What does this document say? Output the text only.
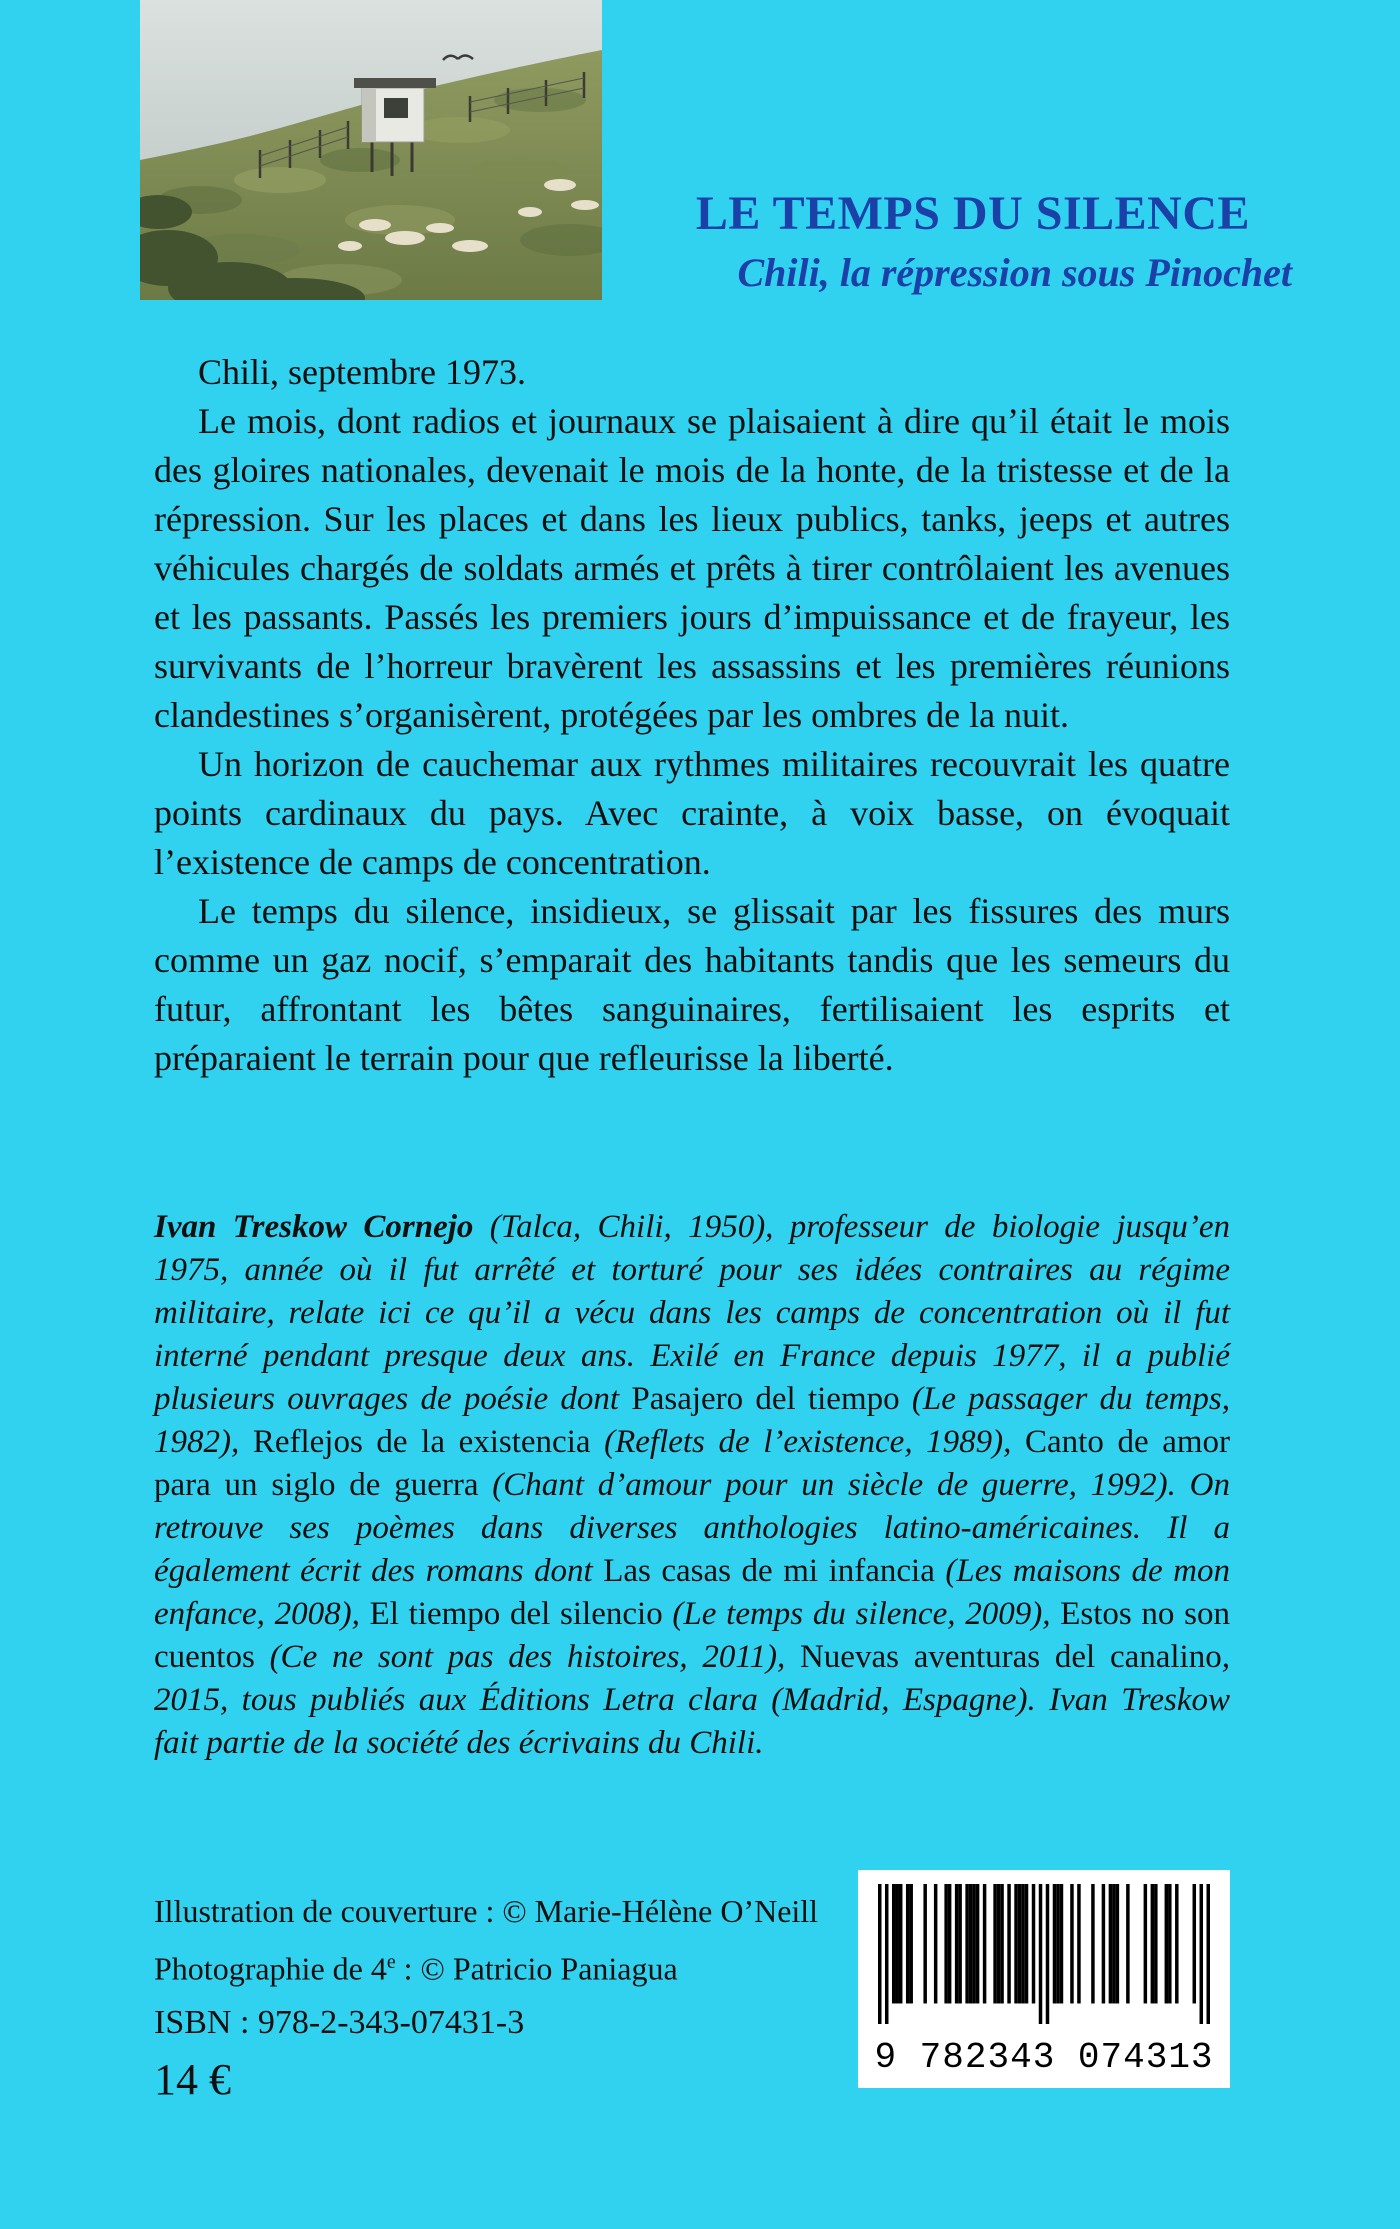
LE TEMPS DU SILENCE
Chili, la répression sous Pinochet

Chili, septembre 1973.

Le mois, dont radios et journaux se plaisaient à dire qu’il était le mois des gloires nationales, devenait le mois de la honte, de la tristesse et de la répression. Sur les places et dans les lieux publics, tanks, jeeps et autres véhicules chargés de soldats armés et prêts à tirer contrôlaient les avenues et les passants. Passés les premiers jours d’impuissance et de frayeur, les survivants de l’horreur bravèrent les assassins et les premières réunions clandestines s’organisèrent, protégées par les ombres de la nuit.

Un horizon de cauchemar aux rythmes militaires recouvrait les quatre points cardinaux du pays. Avec crainte, à voix basse, on évoquait l’existence de camps de concentration.

Le temps du silence, insidieux, se glissait par les fissures des murs comme un gaz nocif, s’emparait des habitants tandis que les semeurs du futur, affrontant les bêtes sanguinaires, fertilisaient les esprits et préparaient le terrain pour que refleurisse la liberté.

Ivan Treskow Cornejo (Talca, Chili, 1950), professeur de biologie jusqu’en 1975, année où il fut arrêté et torturé pour ses idées contraires au régime militaire, relate ici ce qu’il a vécu dans les camps de concentration où il fut interné pendant presque deux ans. Exilé en France depuis 1977, il a publié plusieurs ouvrages de poésie dont Pasajero del tiempo (Le passager du temps, 1982), Reflejos de la existencia (Reflets de l’existence, 1989), Canto de amor para un siglo de guerra (Chant d’amour pour un siècle de guerre, 1992). On retrouve ses poèmes dans diverses anthologies latino-américaines. Il a également écrit des romans dont Las casas de mi infancia (Les maisons de mon enfance, 2008), El tiempo del silencio (Le temps du silence, 2009), Estos no son cuentos (Ce ne sont pas des histoires, 2011), Nuevas aventuras del canalino, 2015, tous publiés aux Éditions Letra clara (Madrid, Espagne). Ivan Treskow fait partie de la société des écrivains du Chili.

Illustration de couverture : © Marie-Hélène O’Neill
Photographie de 4e : © Patricio Paniagua
ISBN : 978-2-343-07431-3
14 €	9 782343 074313
